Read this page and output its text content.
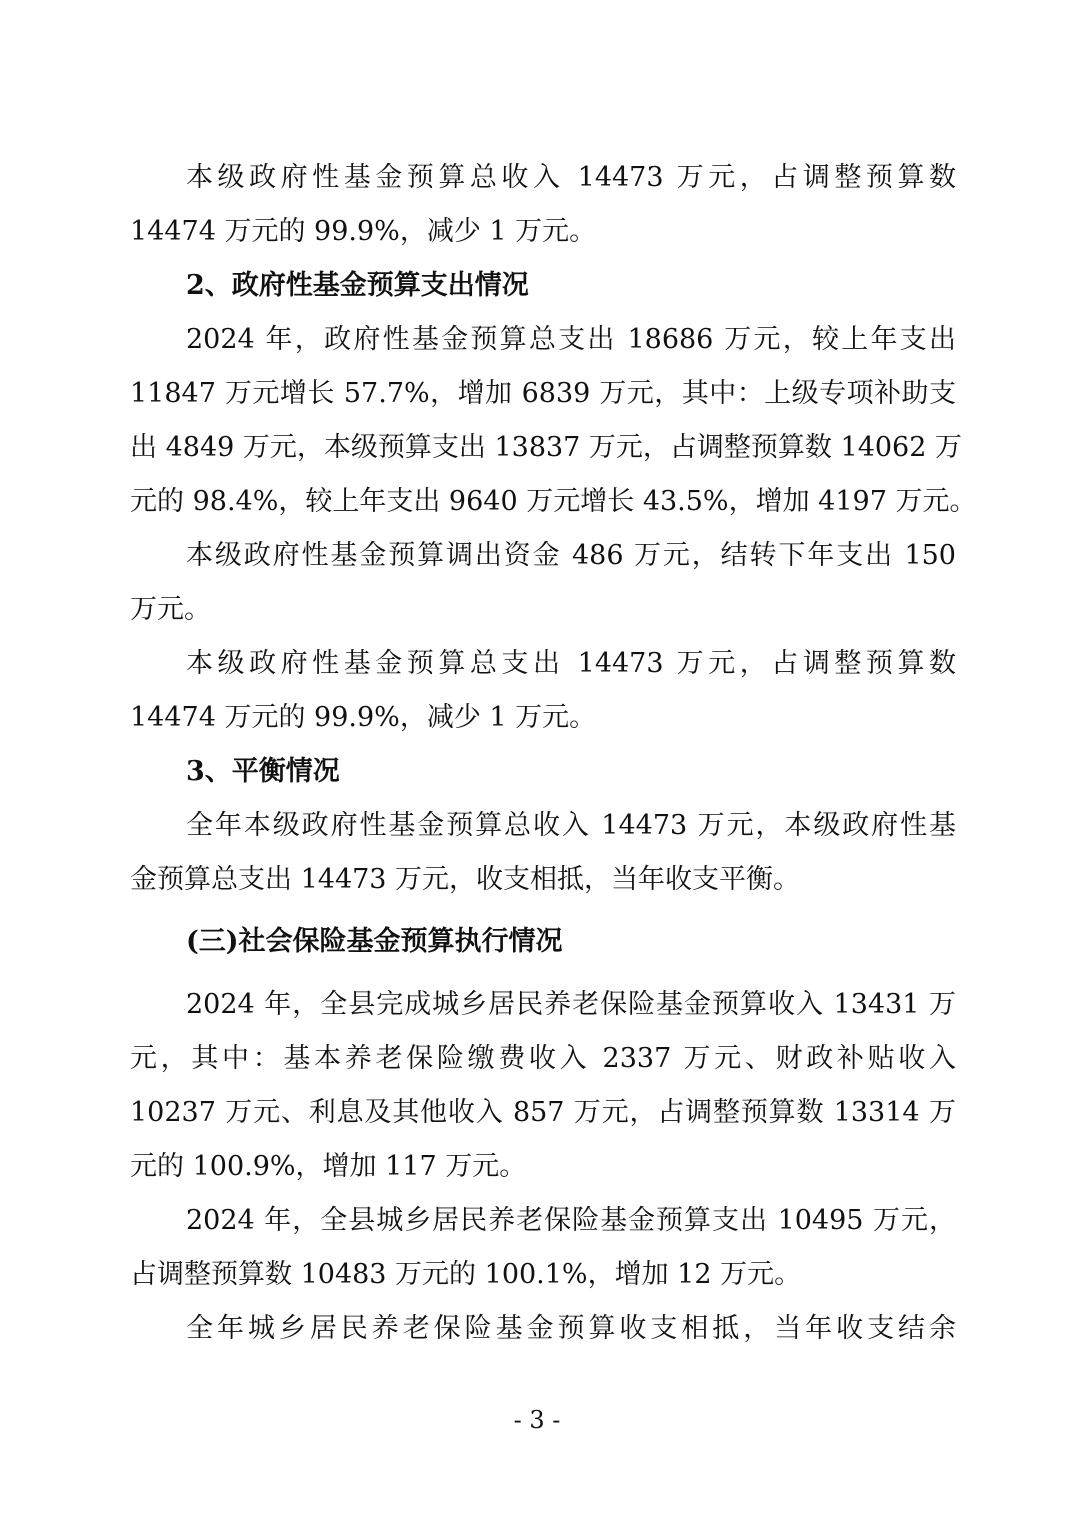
本级政府性基金预算总收入 14473 万元，占调整预算数
14474 万元的 99.9%，减少 1 万元。
2、政府性基金预算支出情况
2024 年，政府性基金预算总支出 18686 万元，较上年支出
11847 万元增长 57.7%，增加 6839 万元，其中：上级专项补助支
出 4849 万元，本级预算支出 13837 万元，占调整预算数 14062 万
元的 98.4%，较上年支出 9640 万元增长 43.5%，增加 4197 万元。
本级政府性基金预算调出资金 486 万元，结转下年支出 150
万元。
本级政府性基金预算总支出 14473 万元，占调整预算数
14474 万元的 99.9%，减少 1 万元。
3、平衡情况
全年本级政府性基金预算总收入 14473 万元，本级政府性基
金预算总支出 14473 万元，收支相抵，当年收支平衡。
(三)社会保险基金预算执行情况
2024 年，全县完成城乡居民养老保险基金预算收入 13431 万
元，其中：基本养老保险缴费收入 2337 万元、财政补贴收入
10237 万元、利息及其他收入 857 万元，占调整预算数 13314 万
元的 100.9%，增加 117 万元。
2024 年，全县城乡居民养老保险基金预算支出 10495 万元，
占调整预算数 10483 万元的 100.1%，增加 12 万元。
全年城乡居民养老保险基金预算收支相抵，当年收支结余
- 3 -
